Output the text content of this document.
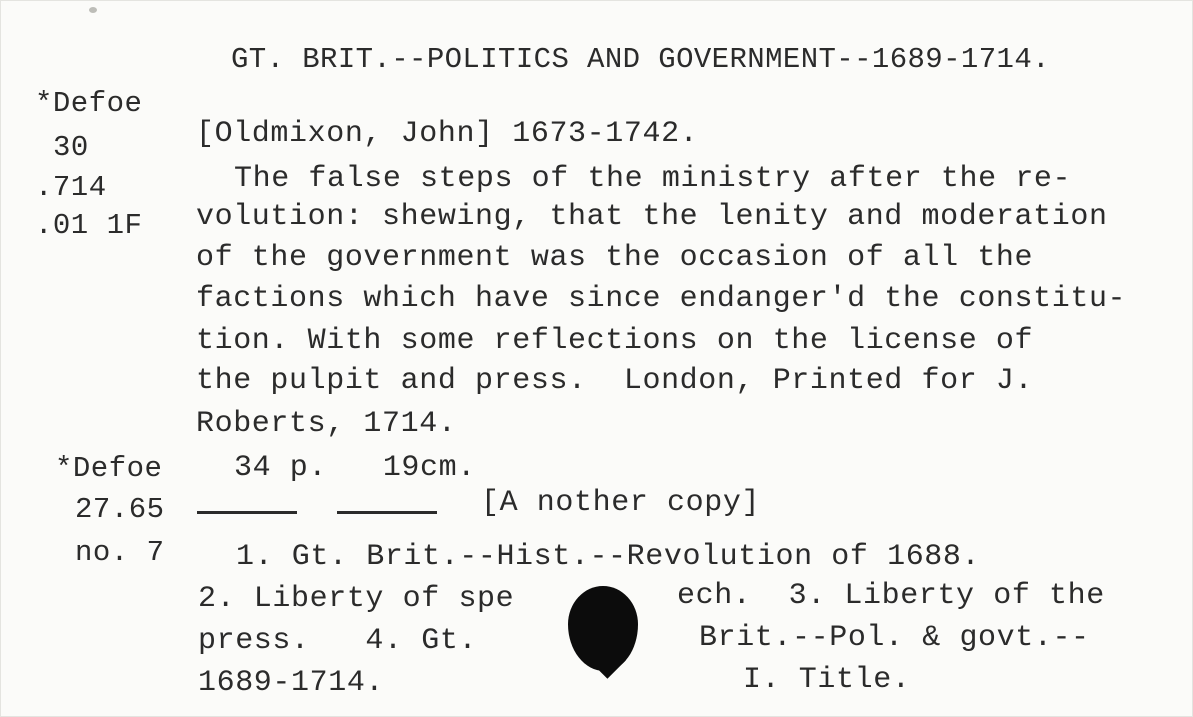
GT. BRIT.--POLITICS AND GOVERNMENT--1689-1714.
*Defoe
30
.714
.01 1F
[Oldmixon, John] 1673-1742.
The false steps of the ministry after the re-
volution: shewing, that the lenity and moderation
of the government was the occasion of all the
factions which have since endanger'd the constitu-
tion. With some reflections on the license of
the pulpit and press.  London, Printed for J.
Roberts, 1714.
*Defoe
27.65
no. 7
34 p.   19cm.
[A nother copy]
1. Gt. Brit.--Hist.--Revolution of 1688.
2. Liberty of spe	ech.  3. Liberty of the
press.   4. Gt.	Brit.--Pol. & govt.--
1689-1714.	I. Title.
